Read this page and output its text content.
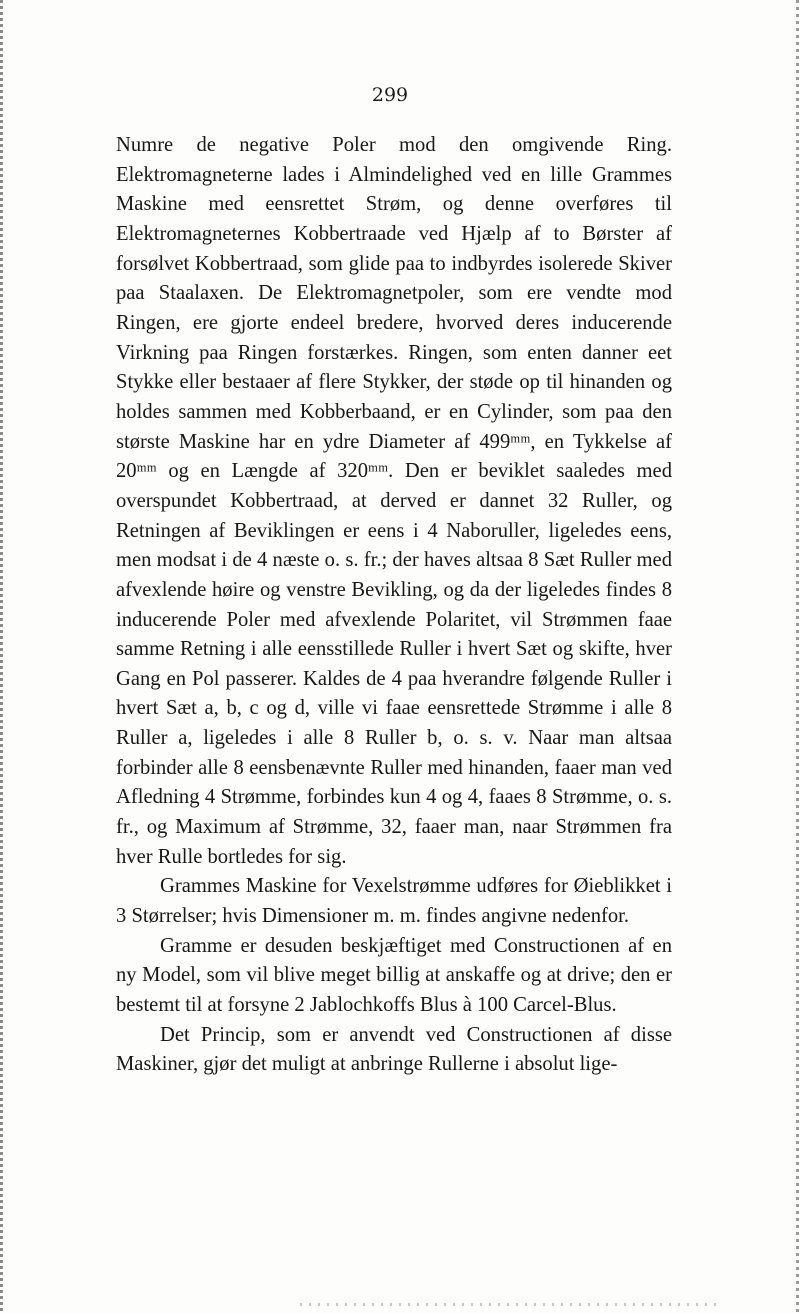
299

Numre de negative Poler mod den omgivende Ring. Elektromagneterne lades i Almindelighed ved en lille Grammes Maskine med eensrettet Strøm, og denne overføres til Elektromagneternes Kobbertraade ved Hjælp af to Børster af forsølvet Kobbertraad, som glide paa to indbyrdes isolerede Skiver paa Staalaxen. De Elektromagnetpoler, som ere vendte mod Ringen, ere gjorte endeel bredere, hvorved deres inducerende Virkning paa Ringen forstærkes. Ringen, som enten danner eet Stykke eller bestaaer af flere Stykker, der støde op til hinanden og holdes sammen med Kobberbaand, er en Cylinder, som paa den største Maskine har en ydre Diameter af 499ᵐᵐ, en Tykkelse af 20ᵐᵐ og en Længde af 320ᵐᵐ. Den er beviklet saaledes med overspundet Kobbertraad, at derved er dannet 32 Ruller, og Retningen af Beviklingen er eens i 4 Naboruller, ligeledes eens, men modsat i de 4 næste o. s. fr.; der haves altsaa 8 Sæt Ruller med afvexlende høire og venstre Bevikling, og da der ligeledes findes 8 inducerende Poler med afvexlende Polaritet, vil Strømmen faae samme Retning i alle eensstillede Ruller i hvert Sæt og skifte, hver Gang en Pol passerer. Kaldes de 4 paa hverandre følgende Ruller i hvert Sæt a, b, c og d, ville vi faae eensrettede Strømme i alle 8 Ruller a, ligeledes i alle 8 Ruller b, o. s. v. Naar man altsaa forbinder alle 8 eensbenævnte Ruller med hinanden, faaer man ved Afledning 4 Strømme, forbindes kun 4 og 4, faaes 8 Strømme, o. s. fr., og Maximum af Strømme, 32, faaer man, naar Strømmen fra hver Rulle bortledes for sig.

Grammes Maskine for Vexelstrømme udføres for Øieblikket i 3 Størrelser; hvis Dimensioner m. m. findes angivne nedenfor.

Gramme er desuden beskjæftiget med Constructionen af en ny Model, som vil blive meget billig at anskaffe og at drive; den er bestemt til at forsyne 2 Jablochkoffs Blus à 100 Carcel-Blus.

Det Princip, som er anvendt ved Constructionen af disse Maskiner, gjør det muligt at anbringe Rullerne i absolut lige-
